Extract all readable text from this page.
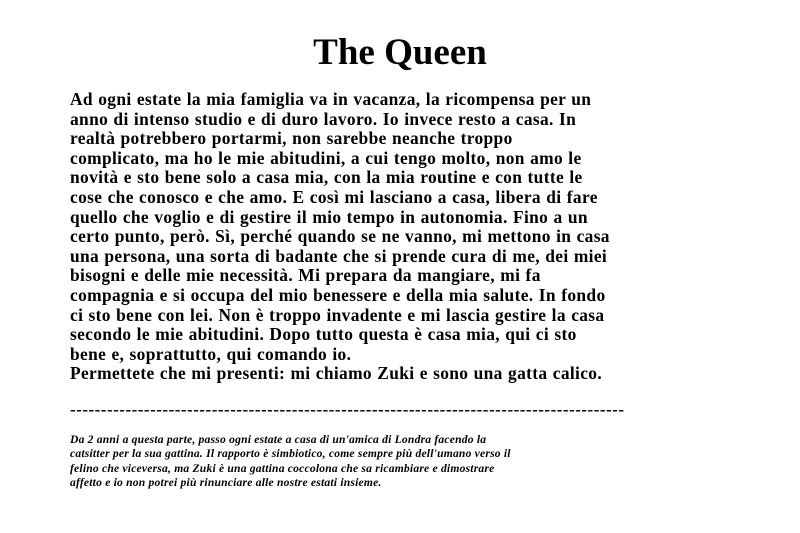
The Queen

Ad ogni estate la mia famiglia va in vacanza, la ricompensa per un
anno di intenso studio e di duro lavoro. Io invece resto a casa. In
realtà potrebbero portarmi, non sarebbe neanche troppo
complicato, ma ho le mie abitudini, a cui tengo molto, non amo le
novità e sto bene solo a casa mia, con la mia routine e con tutte le
cose che conosco e che amo. E così mi lasciano a casa, libera di fare
quello che voglio e di gestire il mio tempo in autonomia. Fino a un
certo punto, però. Sì, perché quando se ne vanno, mi mettono in casa
una persona, una sorta di badante che si prende cura di me, dei miei
bisogni e delle mie necessità. Mi prepara da mangiare, mi fa
compagnia e si occupa del mio benessere e della mia salute. In fondo
ci sto bene con lei. Non è troppo invadente e mi lascia gestire la casa
secondo le mie abitudini. Dopo tutto questa è casa mia, qui ci sto
bene e, soprattutto, qui comando io.
Permettete che mi presenti: mi chiamo Zuki e sono una gatta calico.

------------------------------------------------------------------------------------------

Da 2 anni a questa parte, passo ogni estate a casa di un'amica di Londra facendo la
catsitter per la sua gattina. Il rapporto è simbiotico, come sempre più dell'umano verso il
felino che viceversa, ma Zuki è una gattina coccolona che sa ricambiare e dimostrare
affetto e io non potrei più rinunciare alle nostre estati insieme.
